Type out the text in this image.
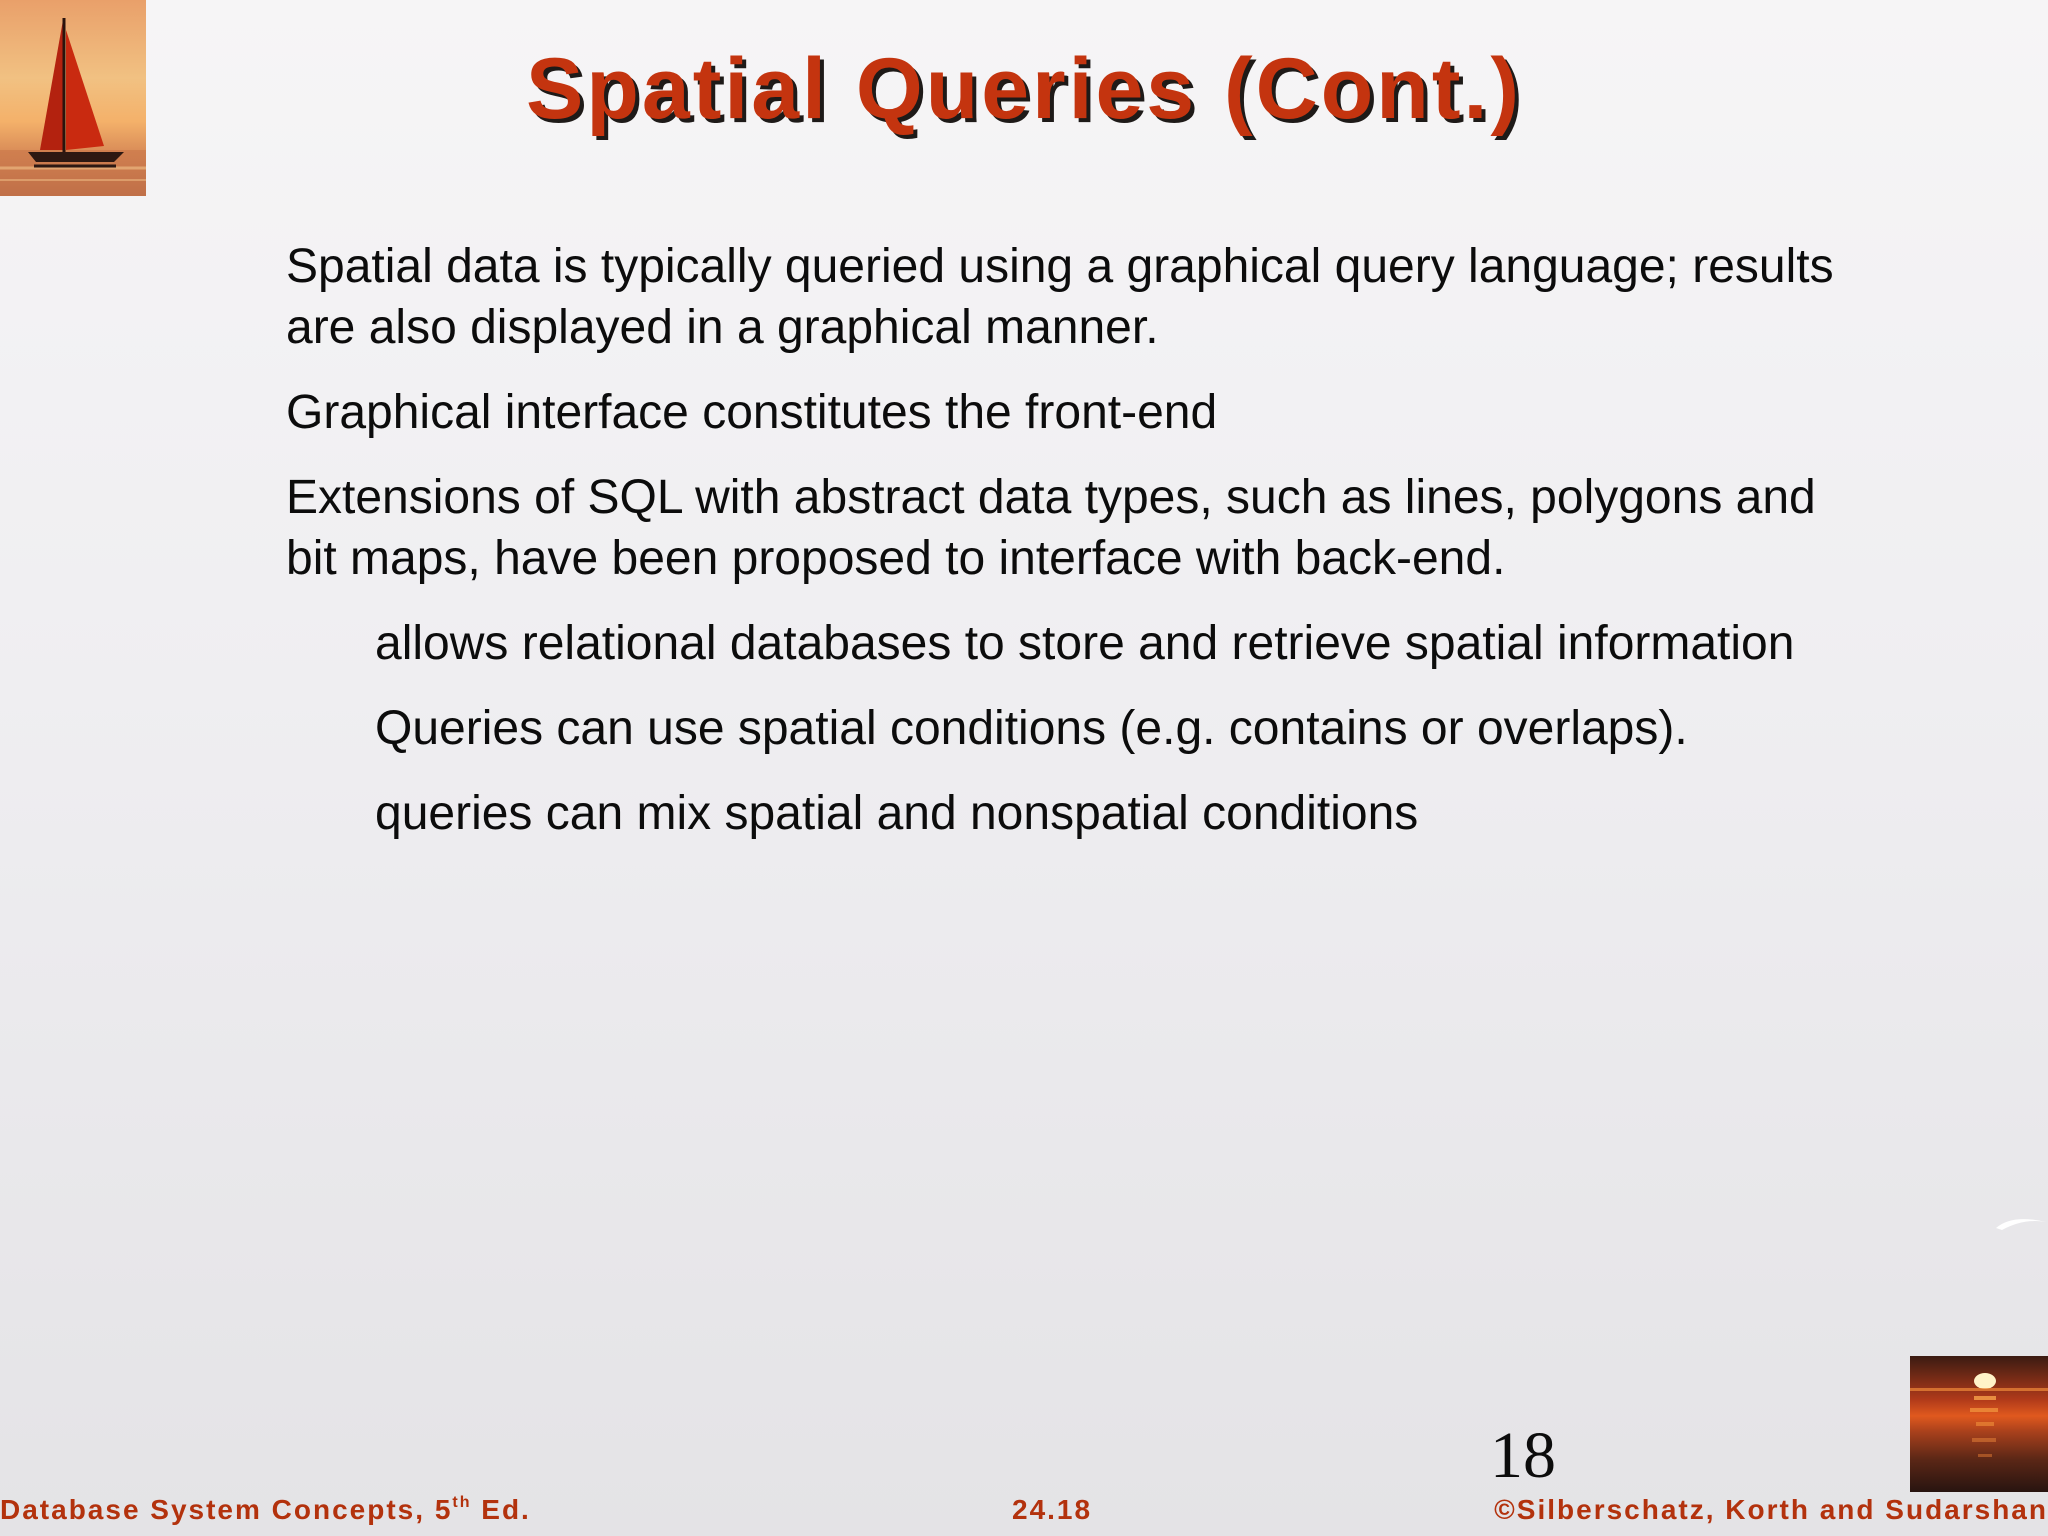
Spatial Queries (Cont.)

Spatial data is typically queried using a graphical query language; results are also displayed in a graphical manner.

Graphical interface constitutes the front-end

Extensions of SQL with abstract data types, such as lines, polygons and bit maps, have been proposed to interface with back-end.

allows relational databases to store and retrieve spatial information

Queries can use spatial conditions (e.g. contains or overlaps).

queries can mix spatial and nonspatial conditions

18
Database System Concepts, 5th Ed.	24.18	©Silberschatz, Korth and Sudarshan
